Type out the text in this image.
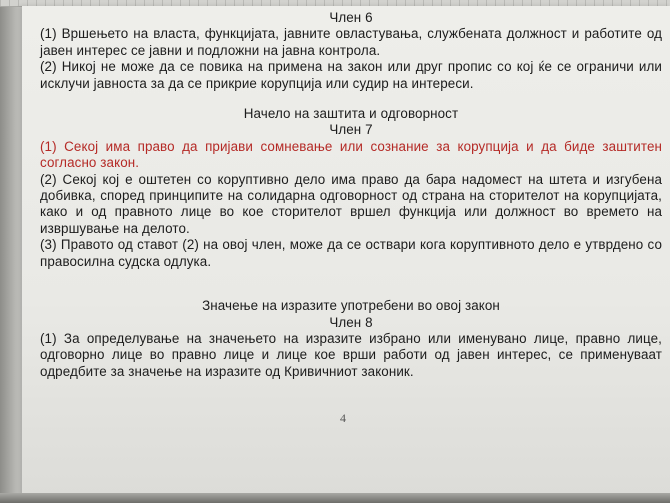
Член 6

(1) Вршењето на власта, функцијата, јавните овластувања, службената должност и работите од јавен интерес се јавни и подложни на јавна контрола.

(2) Никој не може да се повика на примена на закон или друг пропис со кој ќе се ограничи или исклучи јавноста за да се прикрие корупција или судир на интереси.

Начело на заштита и одговорност

Член 7

(1) Секој има право да пријави сомневање или сознание за корупција и да биде заштитен согласно закон.

(2) Секој кој е оштетен со коруптивно дело има право да бара надомест на штета и изгубена добивка, според принципите на солидарна одговорност од страна на сторителот на корупцијата, како и од правното лице во кое сторителот вршел функција или должност во времето на извршување на делото.

(3) Правото од ставот (2) на овој член, може да се оствари кога коруптивното дело е утврдено со правосилна судска одлука.

Значење на изразите употребени во овој закон

Член 8

(1) За определување на значењето на изразите избрано или именувано лице, правно лице, одговорно лице во правно лице и лице кое врши работи од јавен интерес, се применуваат одредбите за значење на изразите од Кривичниот законик.

4
